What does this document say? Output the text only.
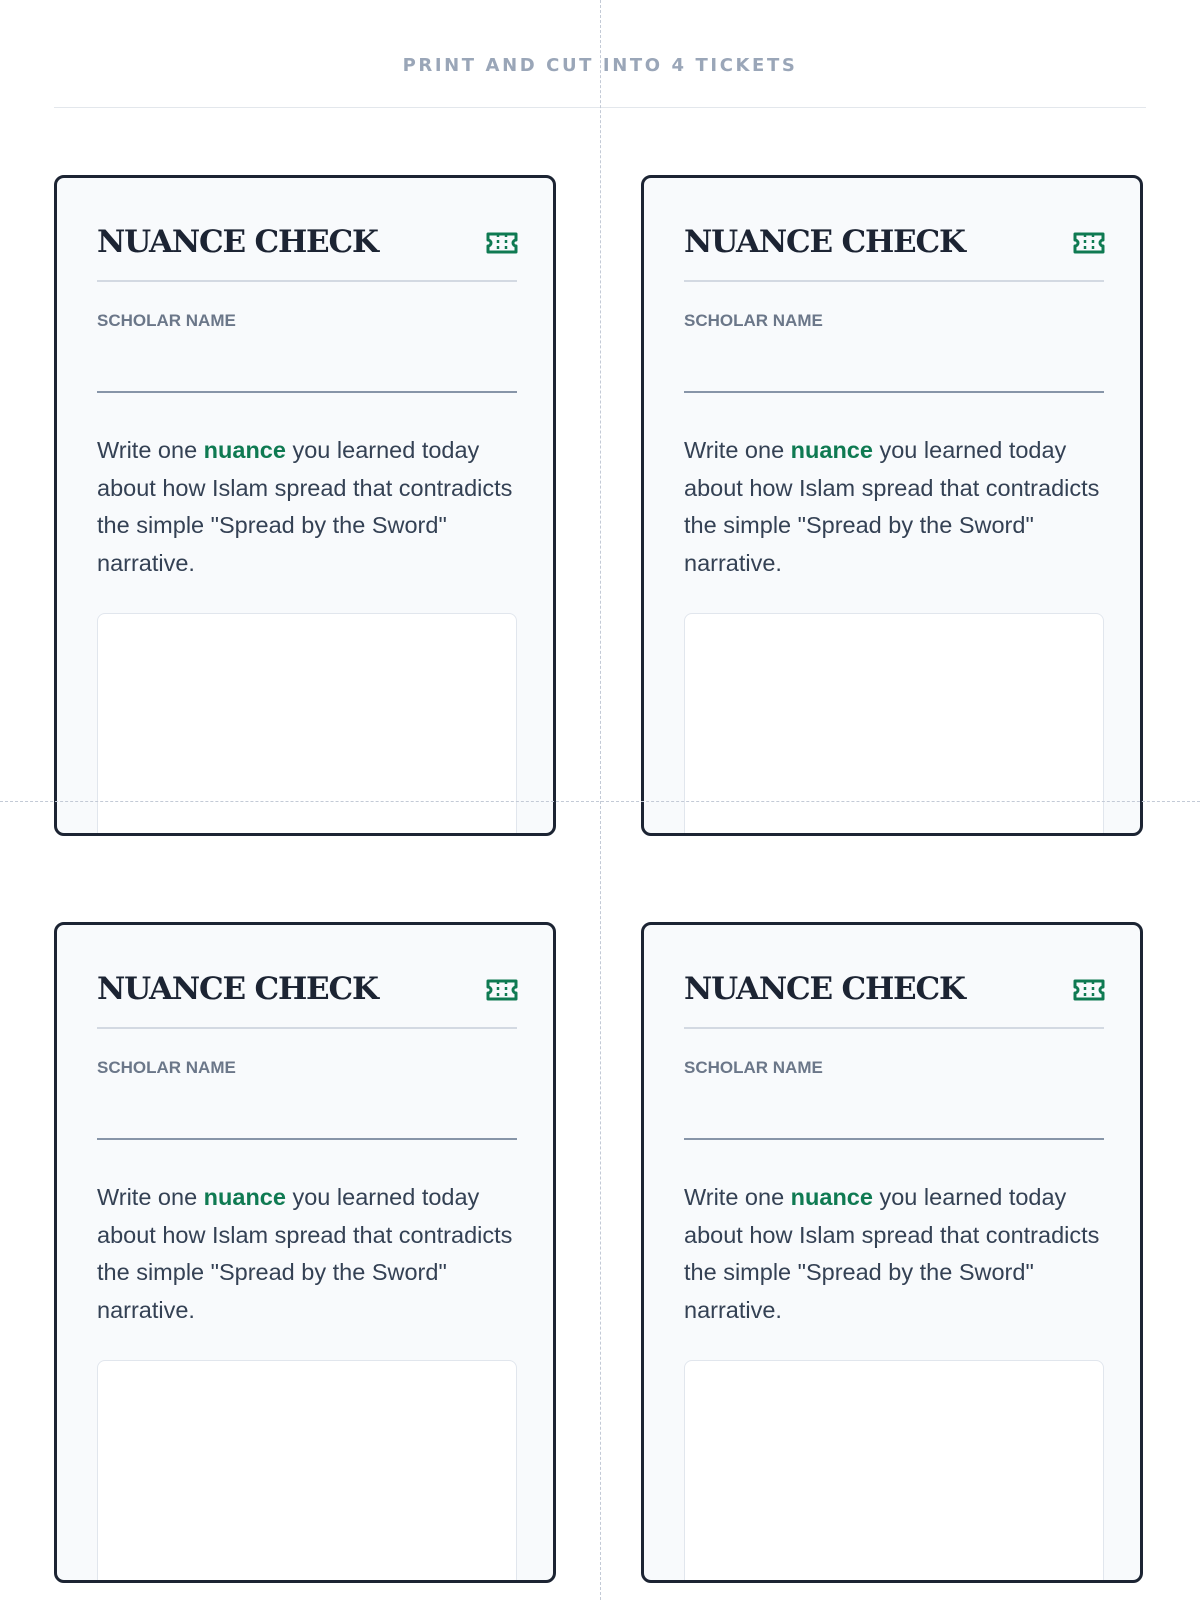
PRINT AND CUT INTO 4 TICKETS
NUANCE CHECK
SCHOLAR NAME
Write one nuance you learned today about how Islam spread that contradicts the simple "Spread by the Sword" narrative.
NUANCE CHECK
SCHOLAR NAME
Write one nuance you learned today about how Islam spread that contradicts the simple "Spread by the Sword" narrative.
NUANCE CHECK
SCHOLAR NAME
Write one nuance you learned today about how Islam spread that contradicts the simple "Spread by the Sword" narrative.
NUANCE CHECK
SCHOLAR NAME
Write one nuance you learned today about how Islam spread that contradicts the simple "Spread by the Sword" narrative.
